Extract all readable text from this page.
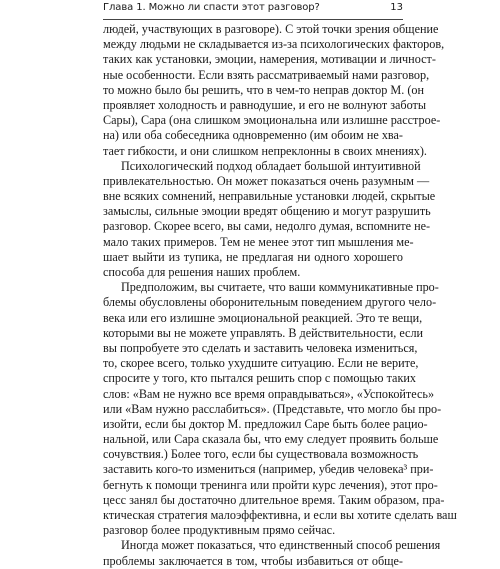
Глава 1. Можно ли спасти этот разговор?	13
людей, участвующих в разговоре). С этой точки зрения общение
между людьми не складывается из-за психологических факторов,
таких как установки, эмоции, намерения, мотивации и личност-
ные особенности. Если взять рассматриваемый нами разговор,
то можно было бы решить, что в чем-то неправ доктор М. (он
проявляет холодность и равнодушие, и его не волнуют заботы
Сары), Сара (она слишком эмоциональна или излишне расстрое-
на) или оба собеседника одновременно (им обоим не хва-
тает гибкости, и они слишком непреклонны в своих мнениях).
Психологический подход обладает большой интуитивной
привлекательностью. Он может показаться очень разумным —
вне всяких сомнений, неправильные установки людей, скрытые
замыслы, сильные эмоции вредят общению и могут разрушить
разговор. Скорее всего, вы сами, недолго думая, вспомните не-
мало таких примеров. Тем не менее этот тип мышления ме-
шает выйти из тупика, не предлагая ни одного хорошего
способа для решения наших проблем.
Предположим, вы считаете, что ваши коммуникативные про-
блемы обусловлены оборонительным поведением другого чело-
века или его излишне эмоциональной реакцией. Это те вещи,
которыми вы не можете управлять. В действительности, если
вы попробуете это сделать и заставить человека измениться,
то, скорее всего, только ухудшите ситуацию. Если не верите,
спросите у того, кто пытался решить спор с помощью таких
слов: «Вам не нужно все время оправдываться», «Успокойтесь»
или «Вам нужно расслабиться». (Представьте, что могло бы про-
изойти, если бы доктор М. предложил Саре быть более рацио-
нальной, или Сара сказала бы, что ему следует проявить больше
сочувствия.) Более того, если бы существовала возможность
заставить кого-то измениться (например, убедив человека³ при-
бегнуть к помощи тренинга или пройти курс лечения), этот про-
цесс занял бы достаточно длительное время. Таким образом, пра-
ктическая стратегия малоэффективна, и если вы хотите сделать ваш
разговор более продуктивным прямо сейчас.
Иногда может показаться, что единственный способ решения
проблемы заключается в том, чтобы избавиться от обще-
